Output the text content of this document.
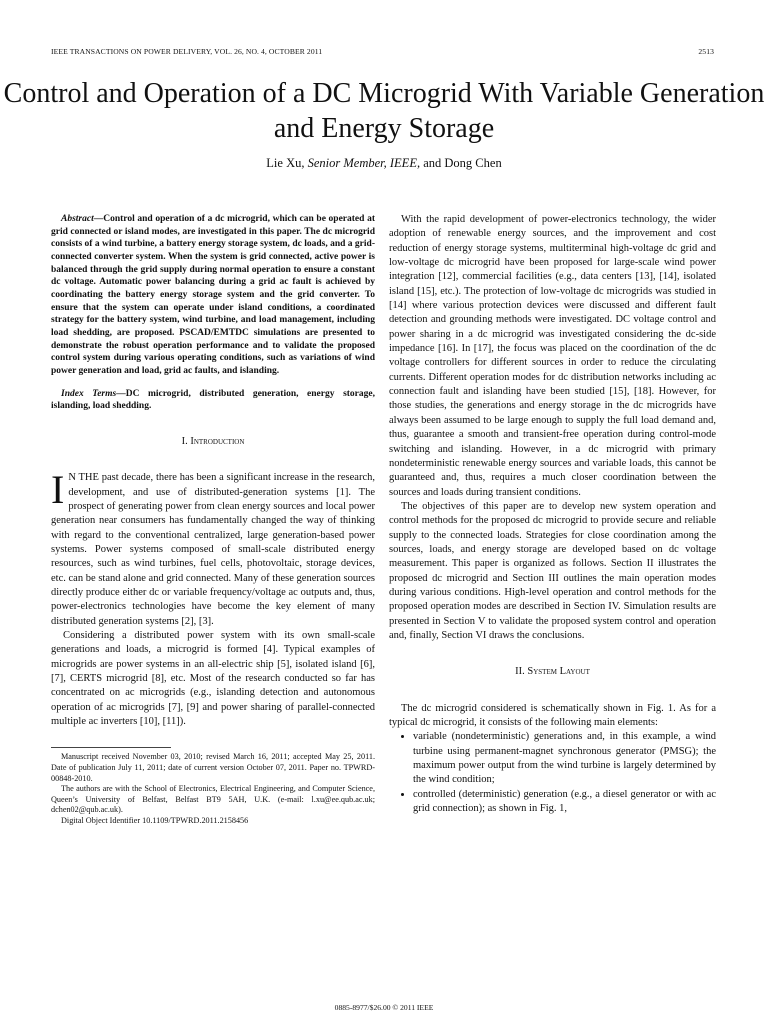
IEEE TRANSACTIONS ON POWER DELIVERY, VOL. 26, NO. 4, OCTOBER 2011	2513
Control and Operation of a DC Microgrid With Variable Generation and Energy Storage
Lie Xu, Senior Member, IEEE, and Dong Chen

Abstract—Control and operation of a dc microgrid, which can be operated at grid connected or island modes, are investigated in this paper. The dc microgrid consists of a wind turbine, a battery energy storage system, dc loads, and a grid-connected converter system. When the system is grid connected, active power is balanced through the grid supply during normal operation to ensure a constant dc voltage. Automatic power balancing during a grid ac fault is achieved by coordinating the battery energy storage system and the grid converter. To ensure that the system can operate under island conditions, a coordinated strategy for the battery system, wind turbine, and load management, including load shedding, are proposed. PSCAD/EMTDC simulations are presented to demonstrate the robust operation performance and to validate the proposed control system during various operating conditions, such as variations of wind power generation and load, grid ac faults, and islanding.

Index Terms—DC microgrid, distributed generation, energy storage, islanding, load shedding.

I. Introduction

I N THE past decade, there has been a significant increase in the research, development, and use of distributed-generation systems [1]. The prospect of generating power from clean energy sources and local power generation near consumers has fundamentally changed the way of thinking with regard to the conventional centralized, large generation-based power systems. Power systems composed of small-scale distributed energy resources, such as wind turbines, fuel cells, photovoltaic, storage devices, etc. can be stand alone and grid connected. Many of these generation sources directly produce either dc or variable frequency/voltage ac outputs and, thus, power-electronics technologies have become the key element of many distributed generation systems [2], [3].

Considering a distributed power system with its own small-scale generations and loads, a microgrid is formed [4]. Typical examples of microgrids are power systems in an all-electric ship [5], isolated island [6], [7], CERTS microgrid [8], etc. Most of the research conducted so far has concentrated on ac microgrids (e.g., islanding detection and autonomous operation of ac microgrids [7], [9] and power sharing of parallel-connected multiple ac inverters [10], [11]).

Manuscript received November 03, 2010; revised March 16, 2011; accepted May 25, 2011. Date of publication July 11, 2011; date of current version October 07, 2011. Paper no. TPWRD-00848-2010.

The authors are with the School of Electronics, Electrical Engineering, and Computer Science, Queen’s University of Belfast, Belfast BT9 5AH, U.K. (e-mail: l.xu@ee.qub.ac.uk; dchen02@qub.ac.uk).

Digital Object Identifier 10.1109/TPWRD.2011.2158456

With the rapid development of power-electronics technology, the wider adoption of renewable energy sources, and the improvement and cost reduction of energy storage systems, multiterminal high-voltage dc grid and low-voltage dc microgrid have been proposed for large-scale wind power integration [12], commercial facilities (e.g., data centers [13], [14], isolated island [15], etc.). The protection of low-voltage dc microgrids was studied in [14] where various protection devices were discussed and different fault detection and grounding methods were investigated. DC voltage control and power sharing in a dc microgrid was investigated considering the dc-side impedance [16]. In [17], the focus was placed on the coordination of the dc voltage controllers for different sources in order to reduce the circulating currents. Different operation modes for dc distribution networks including ac connection fault and islanding have been studied [15], [18]. However, for those studies, the generations and energy storage in the dc microgrids have always been assumed to be large enough to supply the full load demand and, thus, guarantee a smooth and transient-free operation during control-mode switching and islanding. However, in a dc microgrid with primary nondeterministic renewable energy sources and variable loads, this cannot be guaranteed and, thus, requires a much closer coordination between the sources and loads during transient conditions.

The objectives of this paper are to develop new system operation and control methods for the proposed dc microgrid to provide secure and reliable supply to the connected loads. Strategies for close coordination among the sources, loads, and energy storage are developed based on dc voltage measurement. This paper is organized as follows. Section II illustrates the proposed dc microgrid and Section III outlines the main operation modes during various conditions. High-level operation and control methods for the proposed operation modes are described in Section IV. Simulation results are presented in Section V to validate the proposed system control and operation and, finally, Section VI draws the conclusions.

II. System Layout

The dc microgrid considered is schematically shown in Fig. 1. As for a typical dc microgrid, it consists of the following main elements:

• variable (nondeterministic) generations and, in this example, a wind turbine using permanent-magnet synchronous generator (PMSG); the maximum power output from the wind turbine is largely determined by the wind condition;
• controlled (deterministic) generation (e.g., a diesel generator or with ac grid connection); as shown in Fig. 1,
0885-8977/$26.00 © 2011 IEEE
